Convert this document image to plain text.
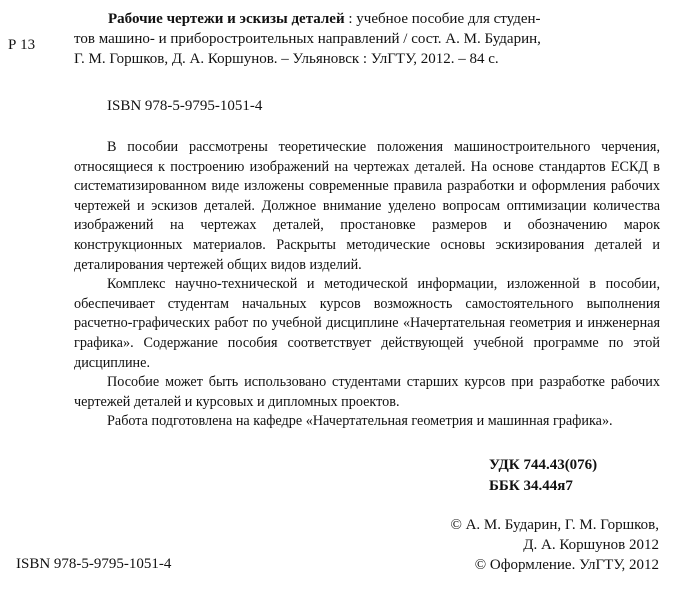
Р 13
Рабочие чертежи и эскизы деталей : учебное пособие для студен-
тов машино- и приборостроительных направлений / сост. А. М. Бударин,
Г. М. Горшков, Д. А. Коршунов. – Ульяновск : УлГТУ, 2012. – 84 с.
ISBN 978-5-9795-1051-4

В пособии рассмотрены теоретические положения машиностроительного черчения, относящиеся к построению изображений на чертежах деталей. На основе стандартов ЕСКД в систематизированном виде изложены современные правила разработки и оформления рабочих чертежей и эскизов деталей. Должное внимание уделено вопросам оптимизации количества изображений на чертежах деталей, простановке размеров и обозначению марок конструкционных материалов. Раскрыты методические основы эскизирования деталей и деталирования чертежей общих видов изделий.

Комплекс научно-технической и методической информации, изложенной в пособии, обеспечивает студентам начальных курсов возможность самостоятельного выполнения расчетно-графических работ по учебной дисциплине «Начертательная геометрия и инженерная графика». Содержание пособия соответствует действующей учебной программе по этой дисциплине.

Пособие может быть использовано студентами старших курсов при разработке рабочих чертежей деталей и курсовых и дипломных проектов.

Работа подготовлена на кафедре «Начертательная геометрия и машинная графика».

УДК 744.43(076)
ББК 34.44я7
© А. М. Бударин, Г. М. Горшков,
Д. А. Коршунов 2012
© Оформление. УлГТУ, 2012
ISBN 978-5-9795-1051-4
